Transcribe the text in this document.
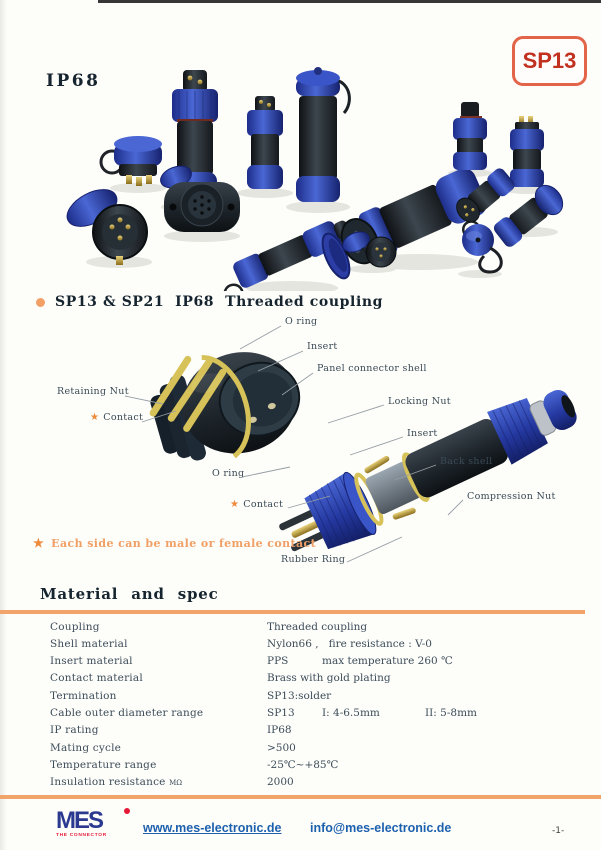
SP13
IP68
SP13 & SP21  IP68  Threaded coupling
O ring
Insert
Panel connector shell
Retaining Nut
★ Contact
Locking Nut
Insert
Back shell
Compression Nut
O ring
★ Contact
Rubber Ring
★ Each side can be male or female contact
Material and spec
Coupling	Threaded coupling
Shell material	Nylon66 ,   fire resistance : V-0
Insert material	PPS	max temperature 260 ℃
Contact material	Brass with gold plating
Termination	SP13:solder
Cable outer diameter range	SP13	I: 4-6.5mm	II: 5-8mm
IP rating	IP68
Mating cycle	>500
Temperature range	-25℃~+85℃
Insulation resistance MΩ	2000
MES
THE CONNECTOR
www.mes-electronic.de info@mes-electronic.de	-1-
